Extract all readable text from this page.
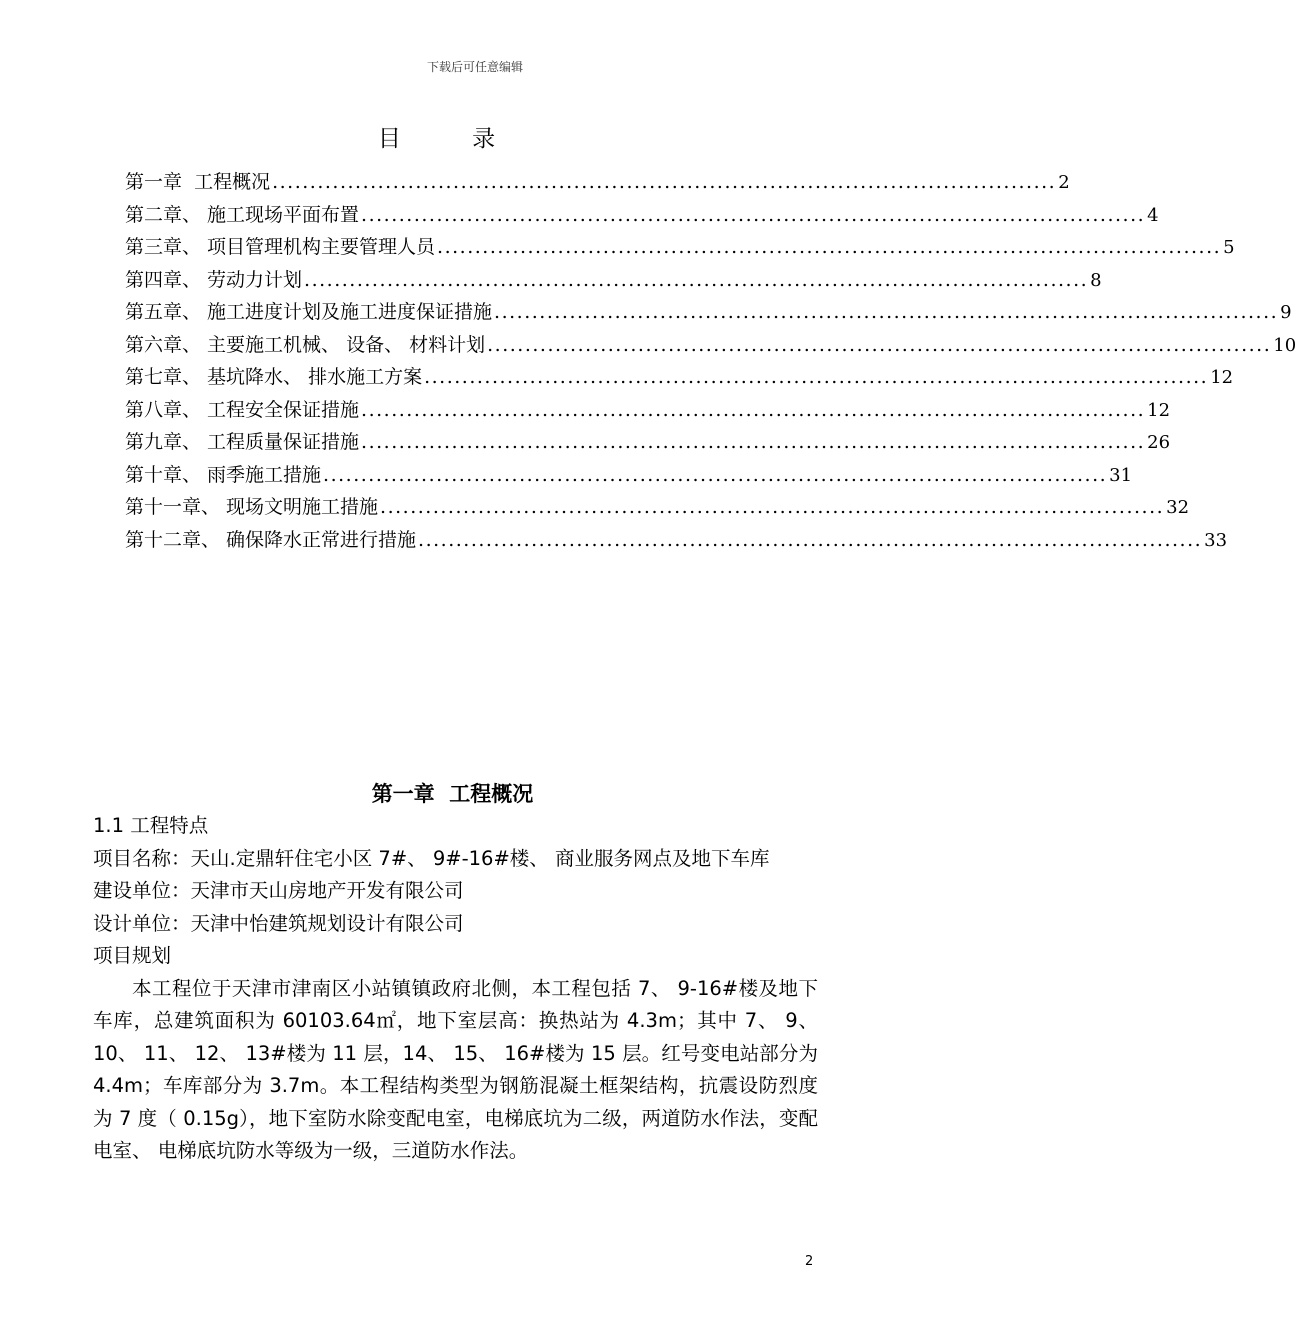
下载后可任意编辑
目 录
第一章  工程概况 ........................................................................................................ 2
第二章、 施工现场平面布置 ........................................................................................................ 4
第三章、 项目管理机构主要管理人员 ........................................................................................................ 5
第四章、 劳动力计划 ........................................................................................................ 8
第五章、 施工进度计划及施工进度保证措施 ........................................................................................................ 9
第六章、 主要施工机械、 设备、 材料计划 ........................................................................................................ 10
第七章、 基坑降水、 排水施工方案 ........................................................................................................ 12
第八章、 工程安全保证措施 ........................................................................................................ 12
第九章、 工程质量保证措施 ........................................................................................................ 26
第十章、 雨季施工措施 ........................................................................................................ 31
第十一章、 现场文明施工措施 ........................................................................................................ 32
第十二章、 确保降水正常进行措施 ........................................................................................................ 33
第一章  工程概况
1.1 工程特点
项目名称： 天山.定鼎轩住宅小区 7#、 9#-16#楼、 商业服务网点及地下车库
建设单位： 天津市天山房地产开发有限公司
设计单位： 天津中怡建筑规划设计有限公司
项目规划
本工程位于天津市津南区小站镇镇政府北侧，本工程包括 7、 9-16#楼及地下车库，总建筑面积为 60103.64㎡，地下室层高：换热站为 4.3m；其中 7、 9、 10、 11、 12、 13#楼为 11 层，14、 15、 16#楼为 15 层。红号变电站部分为 4.4m；车库部分为 3.7m。本工程结构类型为钢筋混凝土框架结构，抗震设防烈度为 7 度（ 0.15g），地下室防水除变配电室，电梯底坑为二级，两道防水作法，变配电室、 电梯底坑防水等级为一级，三道防水作法。
2
